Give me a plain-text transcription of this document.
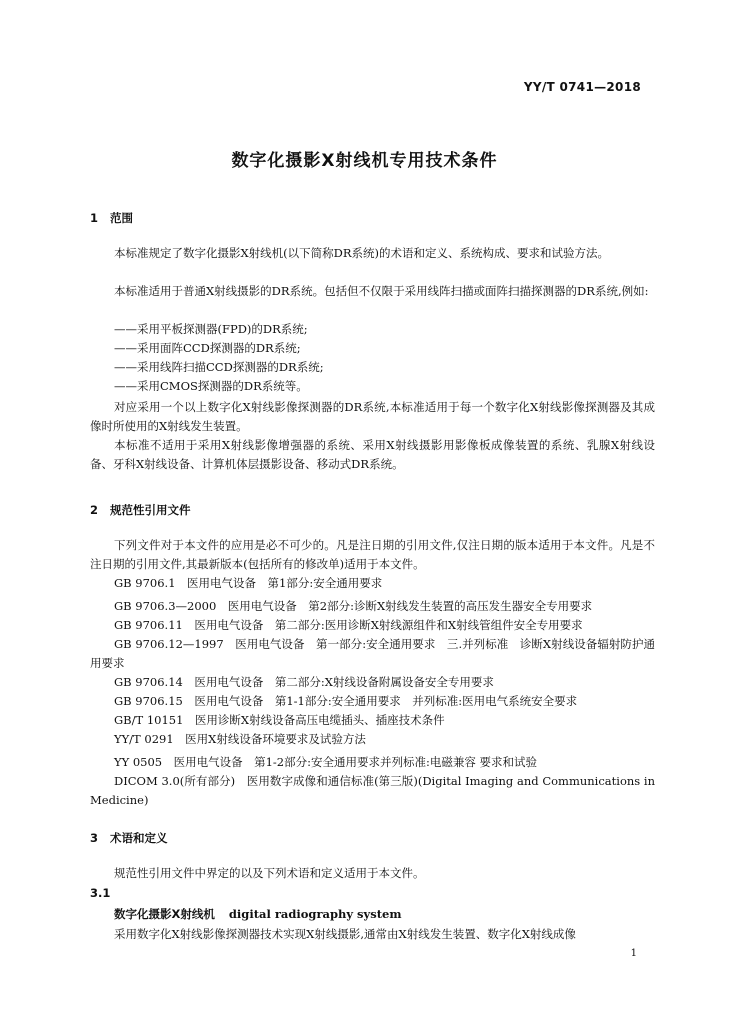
YY/T 0741—2018
数字化摄影X射线机专用技术条件
1 范围
本标准规定了数字化摄影X射线机(以下简称DR系统)的术语和定义、系统构成、要求和试验方法。
本标准适用于普通X射线摄影的DR系统。包括但不仅限于采用线阵扫描或面阵扫描探测器的DR系统,例如:
——采用平板探测器(FPD)的DR系统;
——采用面阵CCD探测器的DR系统;
——采用线阵扫描CCD探测器的DR系统;
——采用CMOS探测器的DR系统等。
对应采用一个以上数字化X射线影像探测器的DR系统,本标准适用于每一个数字化X射线影像探测器及其成像时所使用的X射线发生装置。
本标准不适用于采用X射线影像增强器的系统、采用X射线摄影用影像板成像装置的系统、乳腺X射线设备、牙科X射线设备、计算机体层摄影设备、移动式DR系统。
2 规范性引用文件
下列文件对于本文件的应用是必不可少的。凡是注日期的引用文件,仅注日期的版本适用于本文件。凡是不注日期的引用文件,其最新版本(包括所有的修改单)适用于本文件。
GB 9706.1　医用电气设备　第1部分:安全通用要求
GB 9706.3—2000　医用电气设备　第2部分:诊断X射线发生装置的高压发生器安全专用要求
GB 9706.11　医用电气设备　第二部分:医用诊断X射线源组件和X射线管组件安全专用要求
GB 9706.12—1997　医用电气设备　第一部分:安全通用要求　三.并列标准　诊断X射线设备辐射防护通用要求
GB 9706.14　医用电气设备　第二部分:X射线设备附属设备安全专用要求
GB 9706.15　医用电气设备　第1-1部分:安全通用要求　并列标准:医用电气系统安全要求
GB/T 10151　医用诊断X射线设备高压电缆插头、插座技术条件
YY/T 0291　医用X射线设备环境要求及试验方法
YY 0505　医用电气设备　第1-2部分:安全通用要求并列标准:电磁兼容 要求和试验
DICOM 3.0(所有部分)　医用数字成像和通信标准(第三版)(Digital Imaging and Communications in Medicine)
3 术语和定义
规范性引用文件中界定的以及下列术语和定义适用于本文件。
3.1
数字化摄影X射线机 digital radiography system
采用数字化X射线影像探测器技术实现X射线摄影,通常由X射线发生装置、数字化X射线成像
1
